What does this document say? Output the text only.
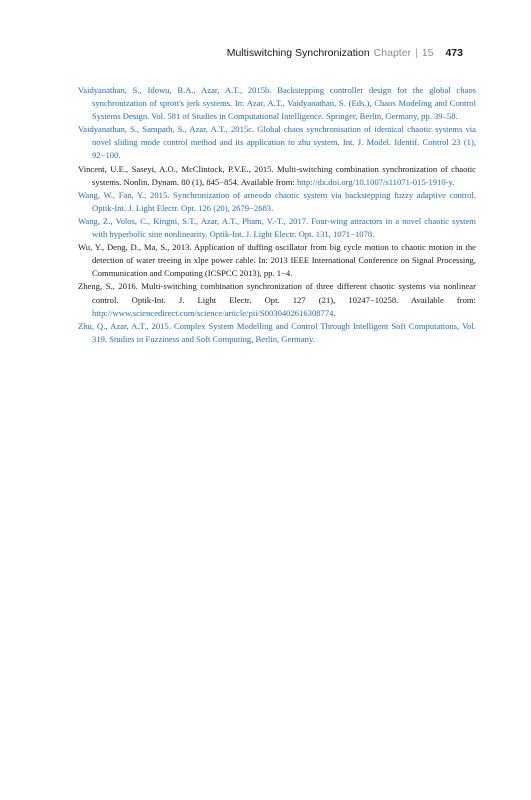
Multiswitching Synchronization Chapter | 15 473

Vaidyanathan, S., Idowu, B.A., Azar, A.T., 2015b. Backstepping controller design for the global chaos synchronization of sprott's jerk systems. In: Azar, A.T., Vaidyanathan, S. (Eds.), Chaos Modeling and Control Systems Design. Vol. 581 of Studies in Computational Intelligence. Springer, Berlin, Germany, pp. 39–58.

Vaidyanathan, S., Sampath, S., Azar, A.T., 2015c. Global chaos synchronisation of identical chaotic systems via novel sliding mode control method and its application to zhu system. Int. J. Model. Identif. Control 23 (1), 92−100.

Vincent, U.E., Saseyi, A.O., McClintock, P.V.E., 2015. Multi-switching combination synchronization of chaotic systems. Nonlin. Dynam. 80 (1), 845−854. Available from: http://dx.doi.org/10.1007/s11071-015-1910-y.

Wang, W., Fan, Y., 2015. Synchronization of arneodo chaotic system via backstepping fuzzy adaptive control. Optik-Int. J. Light Electr. Opt. 126 (20), 2679−2683.

Wang, Z., Volos, C., Kingni, S.T., Azar, A.T., Pham, V.-T., 2017. Four-wing attractors in a novel chaotic system with hyperbolic sine nonlinearity. Optik-Int. J. Light Electr. Opt. 131, 1071−1078.

Wu, Y., Deng, D., Ma, S., 2013. Application of duffing oscillator from big cycle motion to chaotic motion in the detection of water treeing in xlpe power cable. In: 2013 IEEE International Conference on Signal Processing, Communication and Computing (ICSPCC 2013), pp. 1−4.

Zheng, S., 2016. Multi-switching combination synchronization of three different chaotic systems via nonlinear control. Optik-Int. J. Light Electr. Opt. 127 (21), 10247−10258. Available from: http://www.sciencedirect.com/science/article/pii/S0030402616308774.

Zhu, Q., Azar, A.T., 2015. Complex System Modelling and Control Through Intelligent Soft Computations, Vol. 319. Studies in Fuzziness and Soft Computing, Berlin, Germany.
